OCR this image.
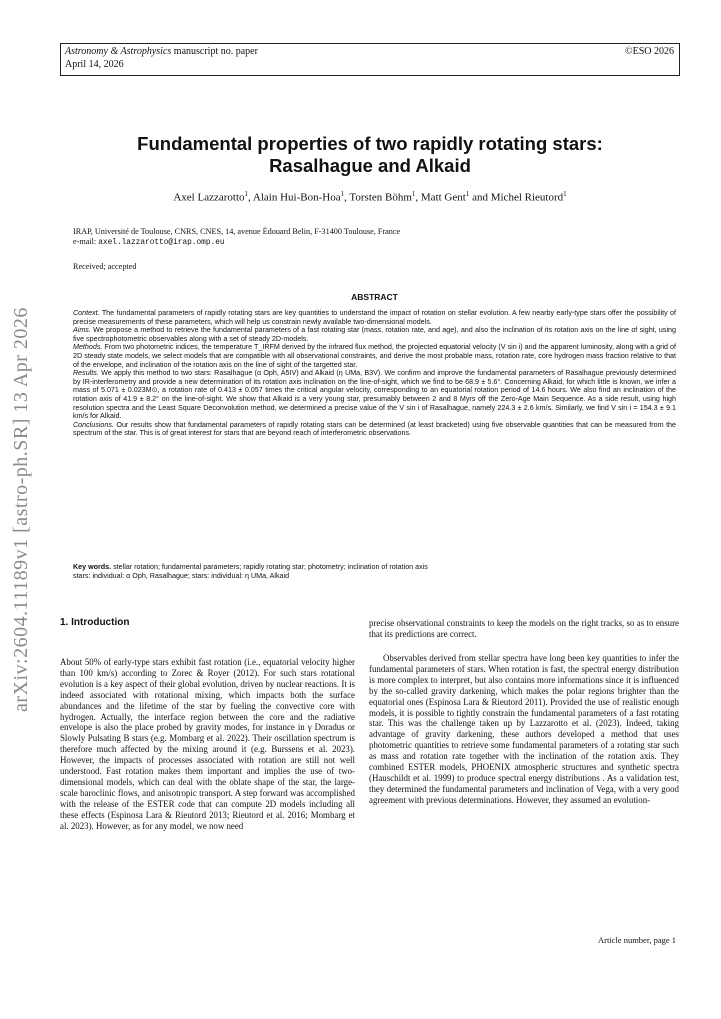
Astronomy & Astrophysics manuscript no. paper
April 14, 2026
©ESO 2026
arXiv:2604.11189v1 [astro-ph.SR] 13 Apr 2026
Fundamental properties of two rapidly rotating stars:
Rasalhague and Alkaid
Axel Lazzarotto$^1$, Alain Hui-Bon-Hoa$^1$, Torsten Böhm$^1$, Matt Gent$^1$ and Michel Rieutord$^1$
IRAP, Université de Toulouse, CNRS, CNES, 14, avenue Édouard Belin, F-31400 Toulouse, France
e-mail: axel.lazzarotto@irap.omp.eu
Received; accepted
ABSTRACT

Context. The fundamental parameters of rapidly rotating stars are key quantities to understand the impact of rotation on stellar evolution. A few nearby early-type stars offer the possibility of precise measurements of these parameters, which will help us constrain newly available two-dimensional models.

Aims. We propose a method to retrieve the fundamental parameters of a fast rotating star (mass, rotation rate, and age), and also the inclination of its rotation axis on the line of sight, using five spectrophotometric observables along with a set of steady 2D-models.

Methods. From two photometric indices, the temperature T_IRFM derived by the infrared flux method, the projected equatorial velocity (V sin i) and the apparent luminosity, along with a grid of 2D steady state models, we select models that are compatible with all observational constraints, and derive the most probable mass, rotation rate, core hydrogen mass fraction relative to that of the envelope, and inclination of the rotation axis on the line of sight of the targetted star.

Results. We apply this method to two stars: Rasalhague (α Oph, A5IV) and Alkaid (η UMa, B3V). We confirm and improve the fundamental parameters of Rasalhague previously determined by IR-interferometry and provide a new determination of its rotation axis inclination on the line-of-sight, which we find to be 68.9 ± 5.6°. Concerning Alkaid, for which little is known, we infer a mass of 5.071 ± 0.023M⊙, a rotation rate of 0.413 ± 0.057 times the critical angular velocity, corresponding to an equatorial rotation period of 14.6 hours. We also find an inclination of the rotation axis of 41.9 ± 8.2° on the line-of-sight. We show that Alkaid is a very young star, presumably between 2 and 8 Myrs off the Zero-Age Main Sequence. As a side result, using high resolution spectra and the Least Square Deconvolution method, we determined a precise value of the V sin i of Rasalhague, namely 224.3 ± 2.6 km/s. Similarly, we find V sin i = 154.3 ± 9.1 km/s for Alkaid.

Conclusions. Our results show that fundamental parameters of rapidly rotating stars can be determined (at least bracketed) using five observable quantities that can be measured from the spectrum of the star. This is of great interest for stars that are beyond reach of interferometric observations.

Key words. stellar rotation; fundamental parameters; rapidly rotating star; photometry; inclination of rotation axis
stars: individual: α Oph, Rasalhague; stars: individual: η UMa, Alkaid
1. Introduction

About 50% of early-type stars exhibit fast rotation (i.e., equatorial velocity higher than 100 km/s) according to Zorec & Royer (2012). For such stars rotational evolution is a key aspect of their global evolution, driven by nuclear reactions. It is indeed associated with rotational mixing, which impacts both the surface abundances and the lifetime of the star by fueling the convective core with hydrogen. Actually, the interface region between the core and the radiative envelope is also the place probed by gravity modes, for instance in γ Doradus or Slowly Pulsating B stars (e.g. Mombarg et al. 2022). Their oscillation spectrum is therefore much affected by the mixing around it (e.g. Burssens et al. 2023). However, the impacts of processes associated with rotation are still not well understood. Fast rotation makes them important and implies the use of two-dimensional models, which can deal with the oblate shape of the star, the large-scale baroclinic flows, and anisotropic transport. A step forward was accomplished with the release of the ESTER code that can compute 2D models including all these effects (Espinosa Lara & Rieutord 2013; Rieutord et al. 2016; Mombarg et al. 2023). However, as for any model, we now need

precise observational constraints to keep the models on the right tracks, so as to ensure that its predictions are correct.

Observables derived from stellar spectra have long been key quantities to infer the fundamental parameters of stars. When rotation is fast, the spectral energy distribution is more complex to interpret, but also contains more informations since it is influenced by the so-called gravity darkening, which makes the polar regions brighter than the equatorial ones (Espinosa Lara & Rieutord 2011). Provided the use of realistic enough models, it is possible to tightly constrain the fundamental parameters of a fast rotating star. This was the challenge taken up by Lazzarotto et al. (2023). Indeed, taking advantage of gravity darkening, these authors developed a method that uses photometric quantities to retrieve some fundamental parameters of a rotating star such as mass and rotation rate together with the inclination of the rotation axis. They combined ESTER models, PHOENIX atmospheric structures and synthetic spectra (Hauschildt et al. 1999) to produce spectral energy distributions . As a validation test, they determined the fundamental parameters and inclination of Vega, with a very good agreement with previous determinations. However, they assumed an evolution-

Article number, page 1
